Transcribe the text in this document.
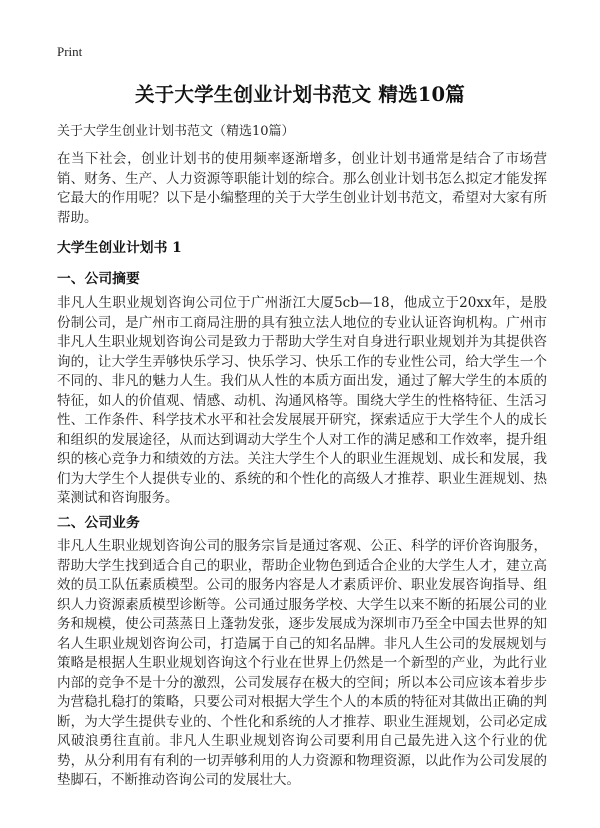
Print
关于大学生创业计划书范文 精选10篇
关于大学生创业计划书范文（精选10篇）

在当下社会，创业计划书的使用频率逐渐增多，创业计划书通常是结合了市场营销、财务、生产、人力资源等职能计划的综合。那么创业计划书怎么拟定才能发挥它最大的作用呢？以下是小编整理的关于大学生创业计划书范文，希望对大家有所帮助。

大学生创业计划书 1
一、公司摘要

非凡人生职业规划咨询公司位于广州浙江大厦5cb—18，他成立于20xx年，是股份制公司，是广州市工商局注册的具有独立法人地位的专业认证咨询机构。广州市非凡人生职业规划咨询公司是致力于帮助大学生对自身进行职业规划并为其提供咨询的，让大学生弄够快乐学习、快乐学习、快乐工作的专业性公司，给大学生一个不同的、非凡的魅力人生。我们从人性的本质方面出发，通过了解大学生的本质的特征，如人的价值观、情感、动机、沟通风格等。围绕大学生的性格特征、生活习性、工作条件、科学技术水平和社会发展展开研究，探索适应于大学生个人的成长和组织的发展途径，从而达到调动大学生个人对工作的满足感和工作效率，提升组织的核心竞争力和绩效的方法。关注大学生个人的职业生涯规划、成长和发展，我们为大学生个人提供专业的、系统的和个性化的高级人才推荐、职业生涯规划、热菜测试和咨询服务。

二、公司业务

非凡人生职业规划咨询公司的服务宗旨是通过客观、公正、科学的评价咨询服务，帮助大学生找到适合自己的职业，帮助企业物色到适合企业的大学生人才，建立高效的员工队伍素质模型。公司的服务内容是人才素质评价、职业发展咨询指导、组织人力资源素质模型诊断等。公司通过服务学校、大学生以来不断的拓展公司的业务和规模，使公司蒸蒸日上蓬勃发张，逐步发展成为深圳市乃至全中国去世界的知名人生职业规划咨询公司，打造属于自己的知名品牌。非凡人生公司的发展规划与策略是根据人生职业规划咨询这个行业在世界上仍然是一个新型的产业，为此行业内部的竞争不是十分的激烈，公司发展存在极大的空间；所以本公司应该本着步步为营稳扎稳打的策略，只要公司对根据大学生个人的本质的特征对其做出正确的判断，为大学生提供专业的、个性化和系统的人才推荐、职业生涯规划，公司必定成风破浪勇往直前。非凡人生职业规划咨询公司要利用自己最先进入这个行业的优势，从分利用有有利的一切弄够利用的人力资源和物理资源，以此作为公司发展的垫脚石，不断推动咨询公司的发展壮大。
